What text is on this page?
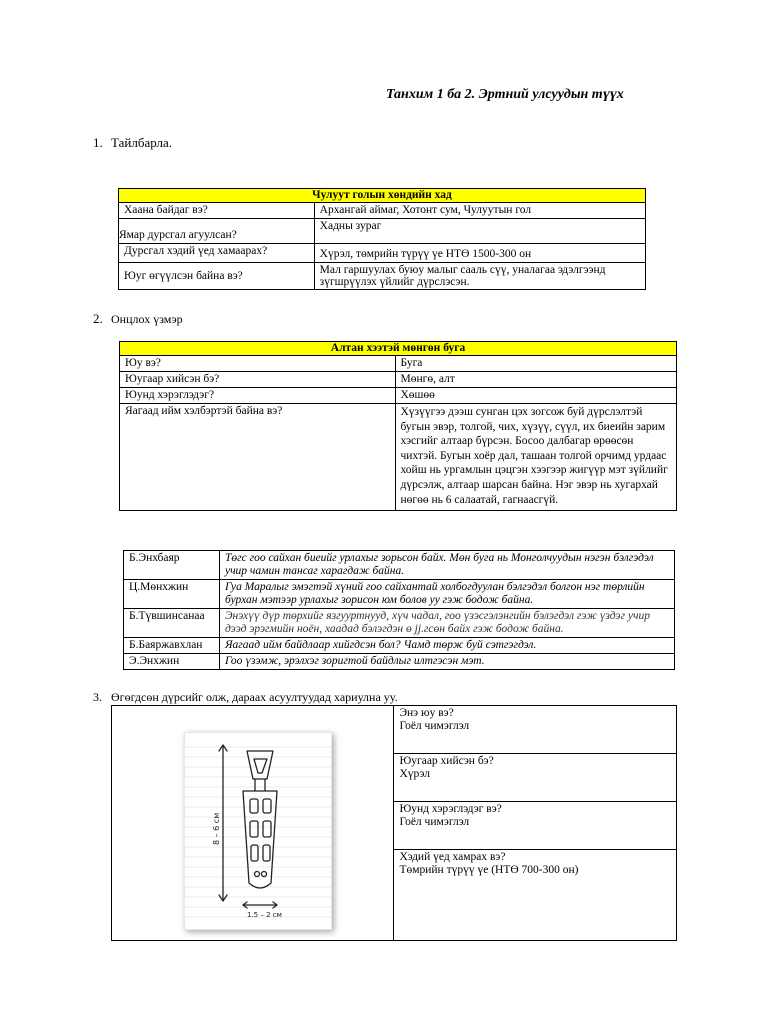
Танхим 1 ба 2. Эртний улсуудын түүх
1. Тайлбарла.
Чулуут голын хөндийн хад	
Хаана байдаг вэ?	Архангай аймаг, Хотонт сум, Чулуутын гол
Ямар дурсгал агуулсан?	Хадны зураг
Дурсгал хэдий үед хамаарах?	Хүрэл, төмрийн түрүү үе НТӨ 1500-300 он
Юуг өгүүлсэн байна вэ?	Мал гаршуулах буюу малыг сааль сүү, уналагаа эдэлгээнд зүгшрүүлэх үйлийг дүрслэсэн.
2. Онцлох үзмэр
Алтан хээтэй мөнгөн буга	
Юу вэ?	Буга
Юугаар хийсэн бэ?	Мөнгө, алт
Юунд хэрэглэдэг?	Хөшөө
Яагаад ийм хэлбэртэй байна вэ?	Хүзүүгээ дээш сунган цэх зогсож буй дүрслэлтэй бугын эвэр, толгой, чих, хүзүү, сүүл, их биеийн зарим хэсгийг алтаар бүрсэн. Босоо далбагар өрөөсөн чихтэй. Бугын хоёр дал, ташаан толгой орчимд урдаас хойш нь ургамлын цэцгэн хээгээр жигүүр мэт зүйлийг дүрсэлж, алтаар шарсан байна. Нэг эвэр нь хугархай нөгөө нь 6 салаатай, гагнаасгүй.
Б.Энхбаяр	Төгс гоо сайхан биеийг урлахыг зорьсон байх. Мөн буга нь Монголчуудын нэгэн бэлгэдэл учир чамин тансаг харагдаж байна.
Ц.Мөнхжин	Гуа Маралыг эмэгтэй хүний гоо сайхантай холбогдуулан бэлгэдэл болгон нэг төрлийн бурхан мэтээр урлахыг зорисон юм болов уу гэж бодож байна.
Б.Түвшинсанаа	Энэхүү дүр төрхийг язгууртнууд, хүч чадал, гоо үзэсгэлэнгийн бэлэгдэл гэж үздэг учир дээд эрэгмийн ноён, хаадад бэлэгдэн ө jj.гсөн байх гэж бодож байна.
Б.Баяржавхлан	Яагаад ийм байдлаар хийгдсэн бол? Чамд төрж буй сэтгэгдэл.
Э.Энхжин	Гоо үзэмж, эрэлхэг зоригтой байдлыг илтгэсэн мэт.
3. Өгөгдсөн дүрсийг олж, дараах асуултуудад хариулна уу.

Энэ юу вэ?
Гоёл чимэглэл

Юугаар хийсэн бэ?
Хүрэл

Юунд хэрэглэдэг вэ?
Гоёл чимэглэл

Хэдий үед хамрах вэ?
Төмрийн түрүү үе (НТӨ 700-300 он)
8 – 6 см
1.5 – 2 см
